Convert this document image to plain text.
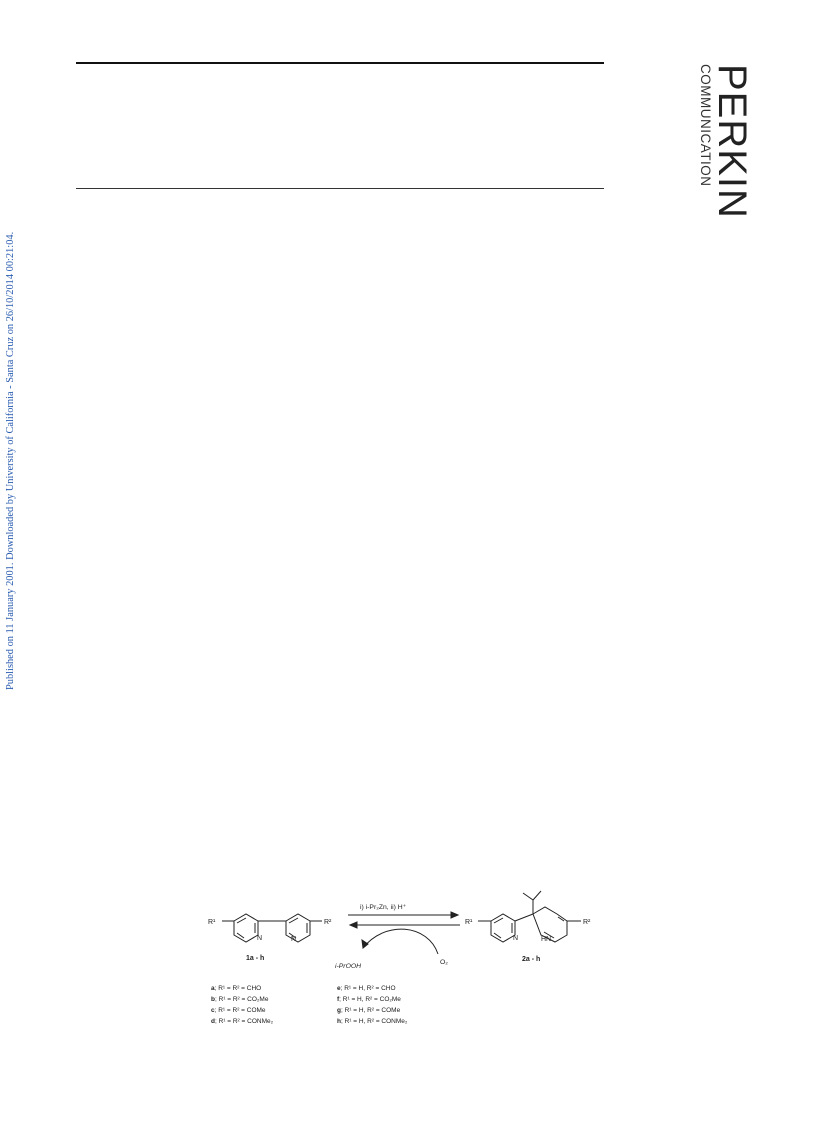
PERKIN
COMMUNICATION
Published on 11 January 2001. Downloaded by University of California - Santa Cruz on 26/10/2014 00:21:04.
R¹	R²
N	N
1a - h
i) i-Pr₂Zn, ii) H⁺
i-PrOOH
O₂
R¹	R²
N	HN
2a - h
a; R¹ = R² = CHO
b; R¹ = R² = CO₂Me
c; R¹ = R² = COMe
d; R¹ = R² = CONMe₂
e; R¹ = H, R² = CHO
f; R¹ = H, R² = CO₂Me
g; R¹ = H, R² = COMe
h; R¹ = H, R² = CONMe₂
